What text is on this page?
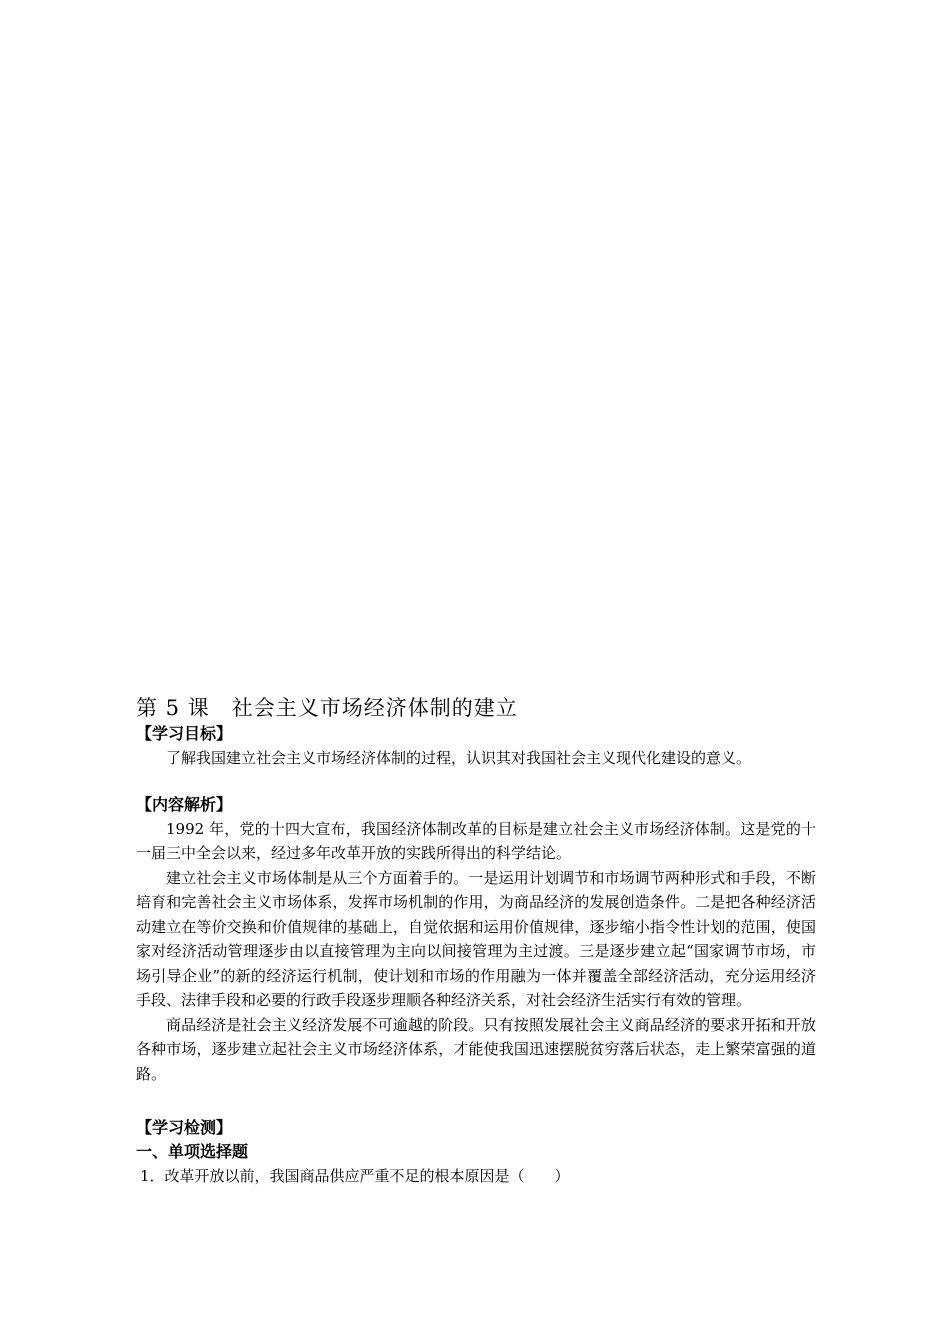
第 5 课　社会主义市场经济体制的建立
【学习目标】

了解我国建立社会主义市场经济体制的过程，认识其对我国社会主义现代化建设的意义。

【内容解析】

1992 年，党的十四大宣布，我国经济体制改革的目标是建立社会主义市场经济体制。这是党的十一届三中全会以来，经过多年改革开放的实践所得出的科学结论。

建立社会主义市场体制是从三个方面着手的。一是运用计划调节和市场调节两种形式和手段，不断培育和完善社会主义市场体系，发挥市场机制的作用，为商品经济的发展创造条件。二是把各种经济活动建立在等价交换和价值规律的基础上，自觉依据和运用价值规律，逐步缩小指令性计划的范围，使国家对经济活动管理逐步由以直接管理为主向以间接管理为主过渡。三是逐步建立起“国家调节市场，市场引导企业”的新的经济运行机制，使计划和市场的作用融为一体并覆盖全部经济活动，充分运用经济手段、法律手段和必要的行政手段逐步理顺各种经济关系，对社会经济生活实行有效的管理。

商品经济是社会主义经济发展不可逾越的阶段。只有按照发展社会主义商品经济的要求开拓和开放各种市场，逐步建立起社会主义市场经济体系，才能使我国迅速摆脱贫穷落后状态，走上繁荣富强的道路。

【学习检测】
一、单项选择题

1．改革开放以前，我国商品供应严重不足的根本原因是（　　）
